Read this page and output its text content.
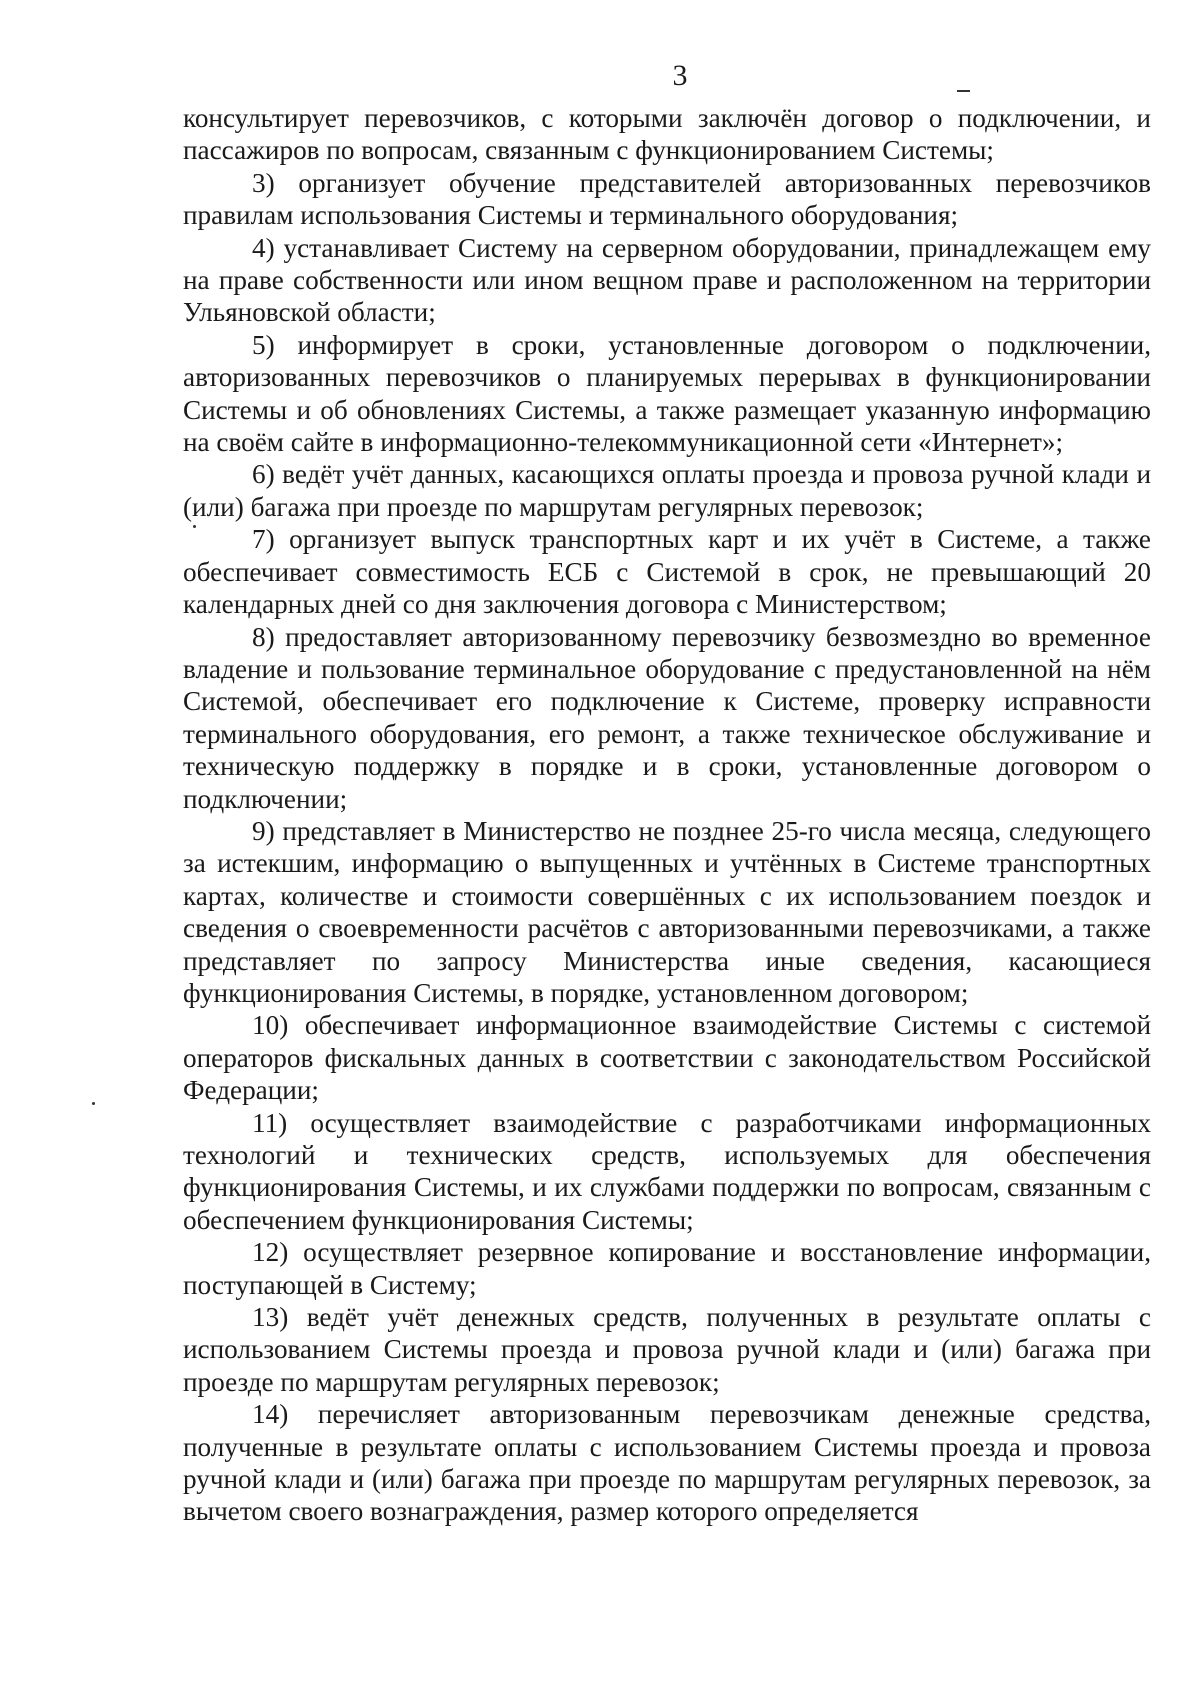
3

консультирует перевозчиков, с которыми заключён договор о подключении, и пассажиров по вопросам, связанным с функционированием Системы;

3) организует обучение представителей авторизованных перевозчиков правилам использования Системы и терминального оборудования;

4) устанавливает Систему на серверном оборудовании, принадлежащем ему на праве собственности или ином вещном праве и расположенном на территории Ульяновской области;

5) информирует в сроки, установленные договором о подключении, авторизованных перевозчиков о планируемых перерывах в функционировании Системы и об обновлениях Системы, а также размещает указанную информацию на своём сайте в информационно-телекоммуникационной сети «Интернет»;

6) ведёт учёт данных, касающихся оплаты проезда и провоза ручной клади и (или) багажа при проезде по маршрутам регулярных перевозок;

7) организует выпуск транспортных карт и их учёт в Системе, а также обеспечивает совместимость ЕСБ с Системой в срок, не превышающий 20 календарных дней со дня заключения договора с Министерством;

8) предоставляет авторизованному перевозчику безвозмездно во временное владение и пользование терминальное оборудование с предустановленной на нём Системой, обеспечивает его подключение к Системе, проверку исправности терминального оборудования, его ремонт, а также техническое обслуживание и техническую поддержку в порядке и в сроки, установленные договором о подключении;

9) представляет в Министерство не позднее 25-го числа месяца, следующего за истекшим, информацию о выпущенных и учтённых в Системе транспортных картах, количестве и стоимости совершённых с их использованием поездок и сведения о своевременности расчётов с авторизованными перевозчиками, а также представляет по запросу Министерства иные сведения, касающиеся функционирования Системы, в порядке, установленном договором;

10) обеспечивает информационное взаимодействие Системы с системой операторов фискальных данных в соответствии с законодательством Российской Федерации;

11) осуществляет взаимодействие с разработчиками информационных технологий и технических средств, используемых для обеспечения функционирования Системы, и их службами поддержки по вопросам, связанным с обеспечением функционирования Системы;

12) осуществляет резервное копирование и восстановление информации, поступающей в Систему;

13) ведёт учёт денежных средств, полученных в результате оплаты с использованием Системы проезда и провоза ручной клади и (или) багажа при проезде по маршрутам регулярных перевозок;

14) перечисляет авторизованным перевозчикам денежные средства, полученные в результате оплаты с использованием Системы проезда и провоза ручной клади и (или) багажа при проезде по маршрутам регулярных перевозок, за вычетом своего вознаграждения, размер которого определяется
